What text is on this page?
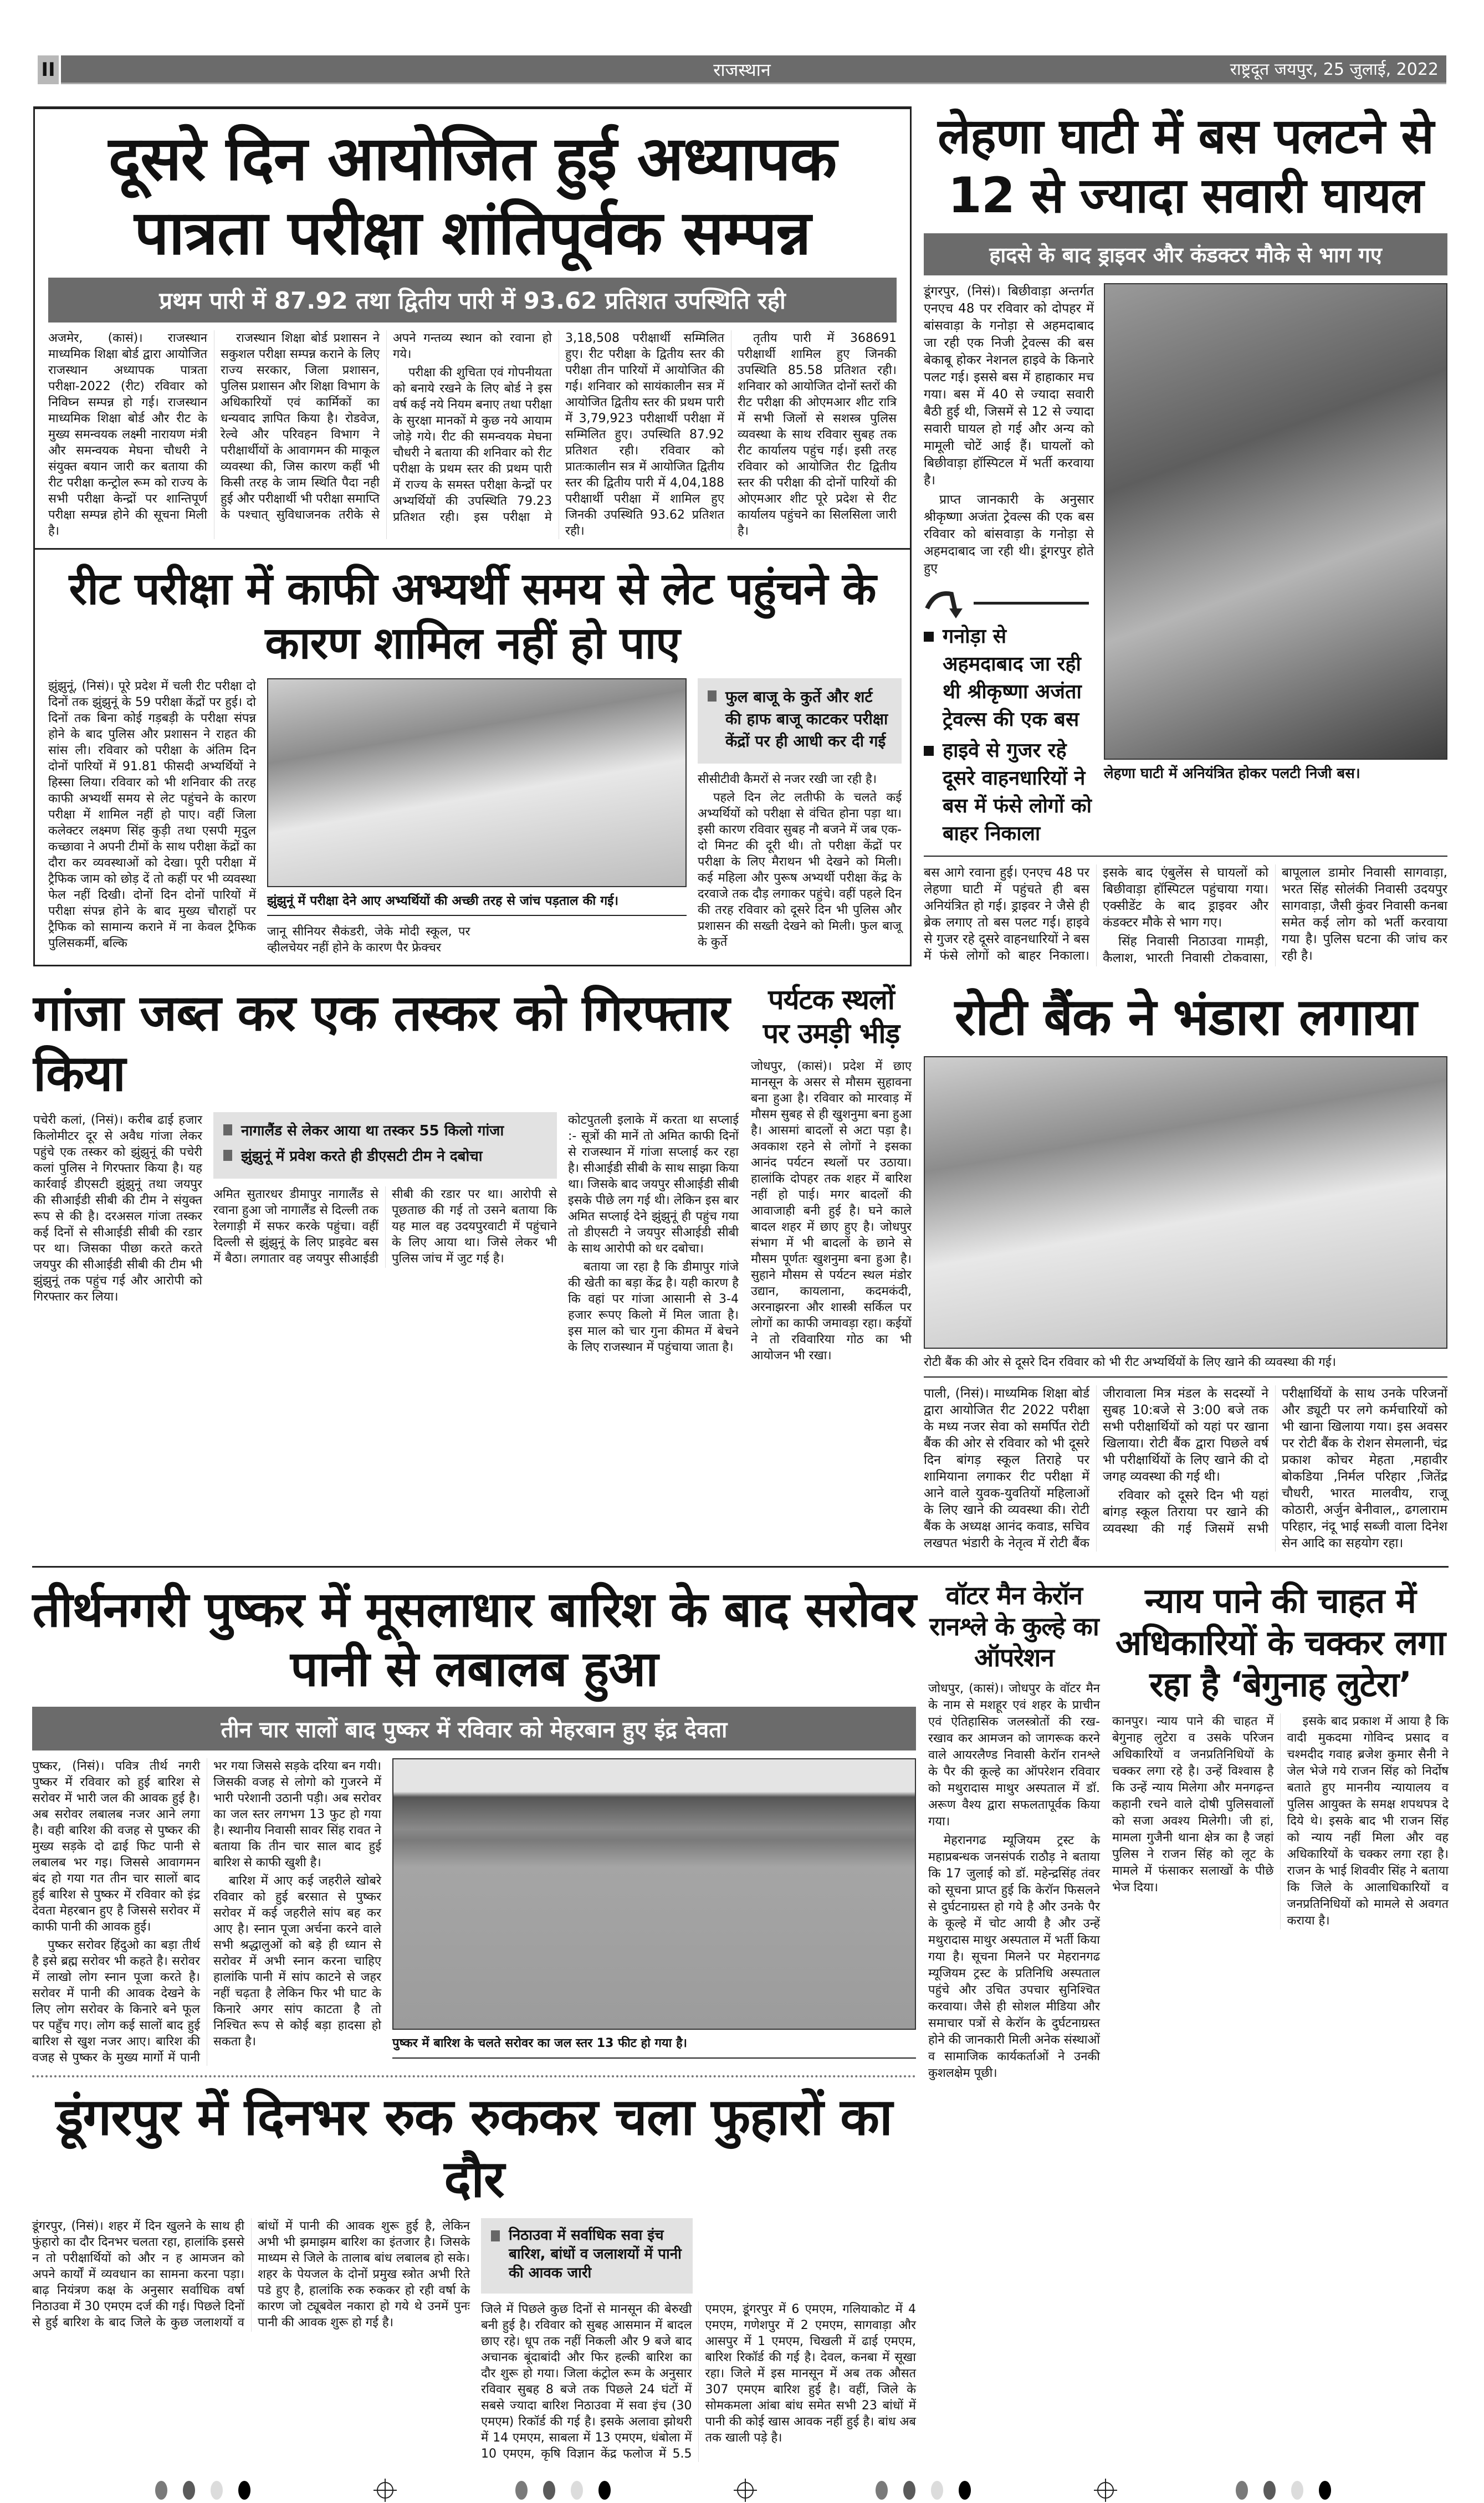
II	राजस्थान	राष्ट्रदूत जयपुर, 25 जुलाई, 2022
दूसरे दिन आयोजित हुई अध्यापक पात्रता परीक्षा शांतिपूर्वक सम्पन्न
प्रथम पारी में 87.92 तथा द्वितीय पारी में 93.62 प्रतिशत उपस्थिति रही

अजमेर, (कासं)। राजस्थान माध्यमिक शिक्षा बोर्ड द्वारा आयोजित राजस्थान अध्यापक पात्रता परीक्षा-2022 (रीट) रविवार को निविघ्न सम्पन्न हो गई। राजस्थान माध्यमिक शिक्षा बोर्ड और रीट के मुख्य समन्वयक लक्ष्मी नारायण मंत्री और समन्वयक मेघना चौधरी ने संयुक्त बयान जारी कर बताया की रीट परीक्षा कन्ट्रोल रूम को राज्य के सभी परीक्षा केन्द्रों पर शान्तिपूर्ण परीक्षा सम्पन्न होने की सूचना मिली है।

राजस्थान शिक्षा बोर्ड प्रशासन ने सकुशल परीक्षा सम्पन्न कराने के लिए राज्य सरकार, जिला प्रशासन, पुलिस प्रशासन और शिक्षा विभाग के अधिकारियों एवं कार्मिकों का धन्यवाद ज्ञापित किया है। रोडवेज, रेल्वे और परिवहन विभाग ने परीक्षार्थीयों के आवागमन की माकूल व्यवस्था की, जिस कारण कहीं भी किसी तरह के जाम स्थिति पैदा नही हुई और परीक्षार्थी भी परीक्षा समाप्ति के पश्चात् सुविधाजनक तरीके से अपने गन्तव्य स्थान को रवाना हो गये।

परीक्षा की शुचिता एवं गोपनीयता को बनाये रखने के लिए बोर्ड ने इस वर्ष कई नये नियम बनाए तथा परीक्षा के सुरक्षा मानकों मे कुछ नये आयाम जोड़े गये। रीट की समन्वयक मेघना चौधरी ने बताया की शनिवार को रीट परीक्षा के प्रथम स्तर की प्रथम पारी में राज्य के समस्त परीक्षा केन्द्रों पर अभ्यर्थियों की उपस्थिति 79.23 प्रतिशत रही। इस परीक्षा मे 3,18,508 परीक्षार्थी सम्मिलित हुए। रीट परीक्षा के द्वितीय स्तर की परीक्षा तीन पारियों में आयोजित की गई। शनिवार को सायंकालीन सत्र में आयोजित द्वितीय स्तर की प्रथम पारी में 3,79,923 परीक्षार्थी परीक्षा में सम्मिलित हुए। उपस्थिति 87.92 प्रतिशत रही। रविवार को प्रातःकालीन सत्र में आयोजित द्वितीय स्तर की द्वितीय पारी में 4,04,188 परीक्षार्थी परीक्षा में शामिल हुए जिनकी उपस्थिति 93.62 प्रतिशत रही।

तृतीय पारी में 368691 परीक्षार्थी शामिल हुए जिनकी उपस्थिति 85.58 प्रतिशत रही। शनिवार को आयोजित दोनों स्तरों की रीट परीक्षा की ओएमआर शीट रात्रि में सभी जिलों से सशस्त्र पुलिस व्यवस्था के साथ रविवार सुबह तक रीट कार्यालय पहुंच गई। इसी तरह रविवार को आयोजित रीट द्वितीय स्तर की परीक्षा की दोनों पारियों की ओएमआर शीट पूरे प्रदेश से रीट कार्यालय पहुंचने का सिलसिला जारी है।

रीट परीक्षा में काफी अभ्यर्थी समय से लेट पहुंचने के कारण शामिल नहीं हो पाए

झुंझुनूं, (निसं)। पूरे प्रदेश में चली रीट परीक्षा दो दिनों तक झुंझुनूं के 59 परीक्षा केंद्रों पर हुई। दो दिनों तक बिना कोई गड़बड़ी के परीक्षा संपन्न होने के बाद पुलिस और प्रशासन ने राहत की सांस ली। रविवार को परीक्षा के अंतिम दिन दोनों पारियों में 91.81 फीसदी अभ्यर्थियों ने हिस्सा लिया। रविवार को भी शनिवार की तरह काफी अभ्यर्थी समय से लेट पहुंचने के कारण परीक्षा में शामिल नहीं हो पाए। वहीं जिला कलेक्टर लक्ष्मण सिंह कुड़ी तथा एसपी मृदुल कच्छावा ने अपनी टीमों के साथ परीक्षा केंद्रों का दौरा कर व्यवस्थाओं को देखा। पूरी परीक्षा में ट्रैफिक जाम को छोड़ दें तो कहीं पर भी व्यवस्था फेल नहीं दिखी। दोनों दिन दोनों पारियों में परीक्षा संपन्न होने के बाद मुख्य चौराहों पर ट्रैफिक को सामान्य कराने में ना केवल ट्रैफिक पुलिसकर्मी, बल्कि

झुंझुनूं में परीक्षा देने आए अभ्यर्थियों की अच्छी तरह से जांच पड़ताल की गई।

जानू सीनियर सैकंडरी, जेके मोदी स्कूल, पर व्हीलचेयर नहीं होने के कारण पैर फ्रेक्चर

फुल बाजू के कुर्ते और शर्ट की हाफ बाजू काटकर परीक्षा केंद्रों पर ही आधी कर दी गई

सीसीटीवी कैमरों से नजर रखी जा रही है।

पहले दिन लेट लतीफी के चलते कई अभ्यर्थियों को परीक्षा से वंचित होना पड़ा था। इसी कारण रविवार सुबह नौ बजने में जब एक-दो मिनट की दूरी थी। तो परीक्षा केंद्रों पर परीक्षा के लिए मैराथन भी देखने को मिली। कई महिला और पुरूष अभ्यर्थी परीक्षा केंद्र के दरवाजे तक दौड़ लगाकर पहुंचे। वहीं पहले दिन की तरह रविवार को दूसरे दिन भी पुलिस और प्रशासन की सख्ती देखने को मिली। फुल बाजू के कुर्ते

गांजा जब्त कर एक तस्कर को गिरफ्तार किया

पचेरी कलां, (निसं)। करीब ढाई हजार किलोमीटर दूर से अवैध गांजा लेकर पहुंचे एक तस्कर को झुंझुनूं की पचेरी कलां पुलिस ने गिरफ्तार किया है। यह कार्रवाई डीएसटी झुंझुनूं तथा जयपुर की सीआईडी सीबी की टीम ने संयुक्त रूप से की है। दरअसल गांजा तस्कर कई दिनों से सीआईडी सीबी की रडार पर था। जिसका पीछा करते करते जयपुर की सीआईडी सीबी की टीम भी झुंझुनूं तक पहुंच गई और आरोपी को गिरफ्तार कर लिया।

नागालैंड से लेकर आया था तस्कर 55 किलो गांजा
झुंझुनूं में प्रवेश करते ही डीएसटी टीम ने दबोचा

अमित सुतारधर डीमापुर नागालैंड से रवाना हुआ जो नागालैंड से दिल्ली तक रेलगाड़ी में सफर करके पहुंचा। वहीं दिल्ली से झुंझुनूं के लिए प्राइवेट बस में बैठा। लगातार वह जयपुर सीआईडी सीबी की रडार पर था। आरोपी से पूछताछ की गई तो उसने बताया कि यह माल वह उदयपुरवाटी में पहुंचाने के लिए आया था। जिसे लेकर भी पुलिस जांच में जुट गई है।

कोटपुतली इलाके में करता था सप्लाई :- सूत्रों की मानें तो अमित काफी दिनों से राजस्थान में गांजा सप्लाई कर रहा है। सीआईडी सीबी के साथ साझा किया था। जिसके बाद जयपुर सीआईडी सीबी इसके पीछे लग गई थी। लेकिन इस बार अमित सप्लाई देने झुंझुनूं ही पहुंच गया तो डीएसटी ने जयपुर सीआईडी सीबी के साथ आरोपी को धर दबोचा।

बताया जा रहा है कि डीमापुर गांजे की खेती का बड़ा केंद्र है। यही कारण है कि वहां पर गांजा आसानी से 3-4 हजार रूपए किलो में मिल जाता है। इस माल को चार गुना कीमत में बेचने के लिए राजस्थान में पहुंचाया जाता है।

पर्यटक स्थलों पर उमड़ी भीड़

जोधपुर, (कासं)। प्रदेश में छाए मानसून के असर से मौसम सुहावना बना हुआ है। रविवार को मारवाड़ में मौसम सुबह से ही खुशनुमा बना हुआ है। आसमां बादलों से अटा पड़ा है। अवकाश रहने से लोगों ने इसका आनंद पर्यटन स्थलों पर उठाया। हालांकि दोपहर तक शहर में बारिश नहीं हो पाई। मगर बादलों की आवाजाही बनी हुई है। घने काले बादल शहर में छाए हुए है। जोधपुर संभाग में भी बादलों के छाने से मौसम पूर्णतः खुशनुमा बना हुआ है। सुहाने मौसम से पर्यटन स्थल मंडोर उद्यान, कायलाना, कदमकंदी, अरनाझरना और शास्त्री सर्किल पर लोगों का काफी जमावड़ा रहा। कईयों ने तो रविवारिया गोठ का भी आयोजन भी रखा।

लेहणा घाटी में बस पलटने से 12 से ज्यादा सवारी घायल
हादसे के बाद ड्राइवर और कंडक्टर मौके से भाग गए

डूंगरपुर, (निसं)। बिछीवाड़ा अन्तर्गत एनएच 48 पर रविवार को दोपहर में बांसवाड़ा के गनोड़ा से अहमदाबाद जा रही एक निजी ट्रेवल्स की बस बेकाबू होकर नेशनल हाइवे के किनारे पलट गई। इससे बस में हाहाकार मच गया। बस में 40 से ज्यादा सवारी बैठी हुई थी, जिसमें से 12 से ज्यादा सवारी घायल हो गई और अन्य को मामूली चोटें आई हैं। घायलों को बिछीवाड़ा हॉस्पिटल में भर्ती करवाया है।

प्राप्त जानकारी के अनुसार श्रीकृष्णा अजंता ट्रेवल्स की एक बस रविवार को बांसवाड़ा के गनोड़ा से अहमदाबाद जा रही थी। डूंगरपुर होते हुए

गनोड़ा से अहमदाबाद जा रही थी श्रीकृष्णा अजंता ट्रेवल्स की एक बस
हाइवे से गुजर रहे दूसरे वाहनधारियों ने बस में फंसे लोगों को बाहर निकाला
लेहणा घाटी में अनियंत्रित होकर पलटी निजी बस।

बस आगे रवाना हुई। एनएच 48 पर लेहणा घाटी में पहुंचते ही बस अनियंत्रित हो गई। ड्राइवर ने जैसे ही ब्रेक लगाए तो बस पलट गई। हाइवे से गुजर रहे दूसरे वाहनधारियों ने बस में फंसे लोगों को बाहर निकाला। इसके बाद एंबुलेंस से घायलों को बिछीवाड़ा हॉस्पिटल पहुंचाया गया। एक्सीडेंट के बाद ड्राइवर और कंडक्टर मौके से भाग गए।

सिंह निवासी निठाउवा गामड़ी, कैलाश, भारती निवासी टोकवासा, बापूलाल डामोर निवासी सागवाड़ा, भरत सिंह सोलंकी निवासी उदयपुर सागवाड़ा, जैसी कुंवर निवासी कनबा समेत कई लोग को भर्ती करवाया गया है। पुलिस घटना की जांच कर रही है।

रोटी बैंक ने भंडारा लगाया
रोटी बैंक की ओर से दूसरे दिन रविवार को भी रीट अभ्यर्थियों के लिए खाने की व्यवस्था की गई।

पाली, (निसं)। माध्यमिक शिक्षा बोर्ड द्वारा आयोजित रीट 2022 परीक्षा के मध्य नजर सेवा को समर्पित रोटी बैंक की ओर से रविवार को भी दूसरे दिन बांगड़ स्कूल तिराहे पर शामियाना लगाकर रीट परीक्षा में आने वाले युवक-युवतियों महिलाओं के लिए खाने की व्यवस्था की। रोटी बैंक के अध्यक्ष आनंद कवाड, सचिव लखपत भंडारी के नेतृत्व में रोटी बैंक जीरावाला मित्र मंडल के सदस्यों ने सुबह 10:बजे से 3:00 बजे तक सभी परीक्षार्थियों को यहां पर खाना खिलाया। रोटी बैंक द्वारा पिछले वर्ष भी परीक्षार्थियों के लिए खाने की दो जगह व्यवस्था की गई थी।

रविवार को दूसरे दिन भी यहां बांगड़ स्कूल तिराया पर खाने की व्यवस्था की गई जिसमें सभी परीक्षार्थियों के साथ उनके परिजनों और ड्यूटी पर लगे कर्मचारियों को भी खाना खिलाया गया। इस अवसर पर रोटी बैंक के रोशन सेमलानी, चंद्र प्रकाश कोचर मेहता ,महावीर बोकडिया ,निर्मल परिहार ,जितेंद्र चौधरी, भारत मालवीय, राजू कोठारी, अर्जुन बेनीवाल,, ढगलाराम परिहार, नंदू भाई सब्जी वाला दिनेश सेन आदि का सहयोग रहा।

तीर्थनगरी पुष्कर में मूसलाधार बारिश के बाद सरोवर पानी से लबालब हुआ
तीन चार सालों बाद पुष्कर में रविवार को मेहरबान हुए इंद्र देवता

पुष्कर, (निसं)। पवित्र तीर्थ नगरी पुष्कर में रविवार को हुई बारिश से सरोवर में भारी जल की आवक हुई है। अब सरोवर लबालब नजर आने लगा है। वही बारिश की वजह से पुष्कर की मुख्य सड़के दो ढाई फिट पानी से लबालब भर गइ। जिससे आवागमन बंद हो गया गत तीन चार सालों बाद हुई बारिश से पुष्कर में रविवार को इंद्र देवता मेहरबान हुए है जिससे सरोवर में काफी पानी की आवक हुई।

पुष्कर सरोवर हिंदुओ का बड़ा तीर्थ है इसे ब्रह्म सरोवर भी कहते है। सरोवर में लाखो लोग स्नान पूजा करते है। सरोवर में पानी की आवक देखने के लिए लोग सरोवर के किनारे बने फूल पर पहुँच गए। लोग कई सालों बाद हुई बारिश से खुश नजर आए। बारिश की वजह से पुष्कर के मुख्य मार्गो में पानी भर गया जिससे सड़के दरिया बन गयी। जिसकी वजह से लोगो को गुजरने में भारी परेशानी उठानी पड़ी। अब सरोवर का जल स्तर लगभग 13 फुट हो गया है। स्थानीय निवासी सावर सिंह रावत ने बताया कि तीन चार साल बाद हुई बारिश से काफी खुशी है।

बारिश में आए कई जहरीले खोबरे रविवार को हुई बरसात से पुष्कर सरोवर में कई जहरीले सांप बह कर आए है। स्नान पूजा अर्चना करने वाले सभी श्रद्धालुओं को बड़े ही ध्यान से सरोवर में अभी स्नान करना चाहिए हालांकि पानी में सांप काटने से जहर नहीं चढ़ता है लेकिन फिर भी घाट के किनारे अगर सांप काटता है तो निश्चित रूप से कोई बड़ा हादसा हो सकता है।	पुष्कर में बारिश के चलते सरोवर का जल स्तर 13 फीट हो गया है।
डूंगरपुर में दिनभर रुक रुककर चला फुहारों का दौर

डूंगरपुर, (निसं)। शहर में दिन खुलने के साथ ही फुंहारो का दौर दिनभर चलता रहा, हालांकि इससे न तो परीक्षार्थियों को और न ह आमजन को अपने कार्यों में व्यवधान का सामना करना पड़ा। बाढ़ नियंत्रण कक्ष के अनुसार सर्वाधिक वर्षा निठाउवा में 30 एमएम दर्ज की गई। पिछले दिनों से हुई बारिश के बाद जिले के कुछ जलाशयों व बांधों में पानी की आवक शुरू हुई है, लेकिन अभी भी झमाझम बारिश का इंतजार है। जिसके माध्यम से जिले के तालाब बांध लबालब हो सके। शहर के पेयजल के दोनों प्रमुख स्त्रोत अभी रिते पडे हुए है, हालांकि रुक रुककर हो रही वर्षा के कारण जो ट्यूबवेल नकारा हो गये थे उनमें पुनः पानी की आवक शुरू हो गई है।

निठाउवा में सर्वाधिक सवा इंच बारिश, बांधों व जलाशयों में पानी की आवक जारी

जिले में पिछले कुछ दिनों से मानसून की बेरुखी बनी हुई है। रविवार को सुबह आसमान में बादल छाए रहे। धूप तक नहीं निकली और 9 बजे बाद अचानक बूंदाबांदी और फिर हल्की बारिश का दौर शुरू हो गया। जिला कंट्रोल रूम के अनुसार रविवार सुबह 8 बजे तक पिछले 24 घंटों में सबसे ज्यादा बारिश निठाउवा में सवा इंच (30 एमएम) रिकॉर्ड की गई है। इसके अलावा झोथरी में 14 एमएम, साबला में 13 एमएम, धंबोला में 10 एमएम, कृषि विज्ञान केंद्र फलोज में 5.5 एमएम, डूंगरपुर में 6 एमएम, गलियाकोट में 4 एमएम, गणेशपुर में 2 एमएम, सागवाड़ा और आसपुर में 1 एमएम, चिखली में ढाई एमएम, बारिश रिकॉर्ड की गई है। देवल, कनबा में सूखा रहा। जिले में इस मानसून में अब तक औसत 307 एमएम बारिश हुई है। वहीं, जिले के सोमकमला आंबा बांध समेत सभी 23 बांधों में पानी की कोई खास आवक नहीं हुई है। बांध अब तक खाली पड़े है।

वॉटर मैन केरॉन रानश्ले के कुल्हे का ऑपरेशन

जोधपुर, (कासं)। जोधपुर के वॉटर मैन के नाम से मशहूर एवं शहर के प्राचीन एवं ऐतिहासिक जलस्त्रोतों की रख-रखाव कर आमजन को जागरूक करने वाले आयरलैण्ड निवासी केरॉन रानश्ले के पैर की कूल्हे का ऑपरेशन रविवार को मथुरादास माथुर अस्पताल में डॉ. अरूण वैश्य द्वारा सफलतापूर्वक किया गया।

मेहरानगढ म्यूजियम ट्रस्ट के महाप्रबन्धक जनसंपर्क राठौड़ ने बताया कि 17 जुलाई को डॉ. महेन्द्रसिंह तंवर को सूचना प्राप्त हुई कि केरॉन फिसलने से दुर्घटनाग्रस्त हो गये है और उनके पैर के कूल्हे में चोट आयी है और उन्हें मथुरादास माथुर अस्पताल में भर्ती किया गया है। सूचना मिलने पर मेहरानगढ म्यूजियम ट्रस्ट के प्रतिनिधि अस्पताल पहुंचे और उचित उपचार सुनिश्चित करवाया। जैसे ही सोशल मीडिया और समाचार पत्रों से केरॉन के दुर्घटनाग्रस्त होने की जानकारी मिली अनेक संस्थाओं व सामाजिक कार्यकर्ताओं ने उनकी कुशलक्षेम पूछी।

न्याय पाने की चाहत में अधिकारियों के चक्कर लगा रहा है ‘बेगुनाह लुटेरा’

कानपुर। न्याय पाने की चाहत में बेगुनाह लुटेरा व उसके परिजन अधिकारियों व जनप्रतिनिधियों के चक्कर लगा रहे है। उन्हें विश्वास है कि उन्हें न्याय मिलेगा और मनगढ़न्त कहानी रचने वाले दोषी पुलिसवालों को सजा अवश्य मिलेगी। जी हां, मामला गुजैनी थाना क्षेत्र का है जहां पुलिस ने राजन सिंह को लूट के मामले में फंसाकर सलाखों के पीछे भेज दिया।

इसके बाद प्रकाश में आया है कि वादी मुकदमा गोविन्द प्रसाद व चश्मदीद गवाह ब्रजेश कुमार सैनी ने जेल भेजे गये राजन सिंह को निर्दोष बताते हुए माननीय न्यायालय व पुलिस आयुक्त के समक्ष शपथपत्र दे दिये थे। इसके बाद भी राजन सिंह को न्याय नहीं मिला और वह अधिकारियों के चक्कर लगा रहा है। राजन के भाई शिववीर सिंह ने बताया कि जिले के आलाधिकारियों व जनप्रतिनिधियों को मामले से अवगत कराया है।
